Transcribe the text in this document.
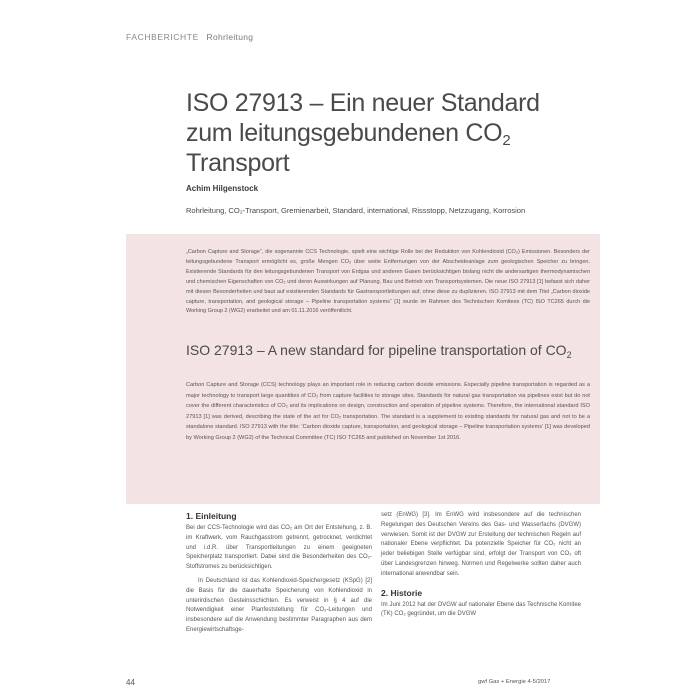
FACHBERICHTE Rohrleitung
ISO 27913 – Ein neuer Standard
zum leitungsgebundenen $CO_2$
Transport
Achim Hilgenstock
Rohrleitung, CO₂-Transport, Gremienarbeit, Standard, international, Rissstopp, Netzzugang, Korrosion
„Carbon Capture and Storage“, die sogenannte CCS Technologie, spielt eine wichtige Rolle bei der Reduktion von Kohlendioxid (CO₂) Emissionen. Besonders der leitungsgebundene Transport ermöglicht es, große Mengen CO₂ über weite Entfernungen von der Abscheideanlage zum geologischen Speicher zu bringen. Existierende Standards für den leitungsgebundenen Transport von Erdgas und anderen Gasen berücksichtigen bislang nicht die andersartigen thermodynamischen und chemischen Eigenschaften von CO₂ und deren Auswirkungen auf Planung, Bau und Betrieb von Transportsystemen. Die neue ISO 27913 [1] befasst sich daher mit diesen Besonderheiten und baut auf existierenden Standards für Gastransportleitungen auf, ohne diese zu duplizieren. ISO 27913 mit dem Titel „Carbon dioxide capture, transportation, and geological storage – Pipeline transportation systems“ [1] wurde im Rahmen des Technischen Komitees (TC) ISO TC265 durch die Working Group 2 (WG2) erarbeitet und am 01.11.2016 veröffentlicht.
ISO 27913 – A new standard for pipeline transportation of $CO_2$
Carbon Capture and Storage (CCS) technology plays an important role in reducing carbon dioxide emissions. Especially pipeline transportation is regarded as a major technology to transport large quantities of CO₂ from capture facilities to storage sites. Standards for natural gas transportation via pipelines exist but do not cover the different characteristics of CO₂ and its implications on design, construction and operation of pipeline systems. Therefore, the international standard ISO 27913 [1] was derived, describing the state of the art for CO₂ transportation. The standard is a supplement to existing standards for natural gas and not to be a standalone standard. ISO 27913 with the title: ‘Carbon dioxide capture, transportation, and geological storage – Pipeline transportation systems’ [1] was developed by Working Group 2 (WG2) of the Technical Committee (TC) ISO TC265 and published on November 1st 2016.
1. Einleitung

Bei der CCS-Technologie wird das CO₂ am Ort der Entstehung, z. B. im Kraftwerk, vom Rauchgasstrom getrennt, getrocknet, verdichtet und i.d.R. über Transportleitungen zu einem geeigneten Speicherplatz transportiert. Dabei sind die Besonderheiten des CO₂-Stoffstromes zu berücksichtigen.

In Deutschland ist das Kohlendioxid-Speichergesetz (KSpG) [2] die Basis für die dauerhafte Speicherung von Kohlendioxid in unterirdischen Gesteinsschichten. Es verweist in § 4 auf die Notwendigkeit einer Planfeststellung für CO₂-Leitungen und insbesondere auf die Anwendung bestimmter Paragraphen aus dem Energiewirtschaftsge-

setz (EnWG) [3]. Im EnWG wird insbesondere auf die technischen Regelungen des Deutschen Vereins des Gas- und Wasserfachs (DVGW) verwiesen. Somit ist der DVGW zur Erstellung der technischen Regeln auf nationaler Ebene verpflichtet. Da potenzielle Speicher für CO₂ nicht an jeder beliebigen Stelle verfügbar sind, erfolgt der Transport von CO₂ oft über Landesgrenzen hinweg. Normen und Regelwerke sollten daher auch international anwendbar sein.

2. Historie

Im Juni 2012 hat der DVGW auf nationaler Ebene das Technische Komitee (TK) CO₂ gegründet, um die DVGW

44	gwf Gas + Energie 4-5/2017
